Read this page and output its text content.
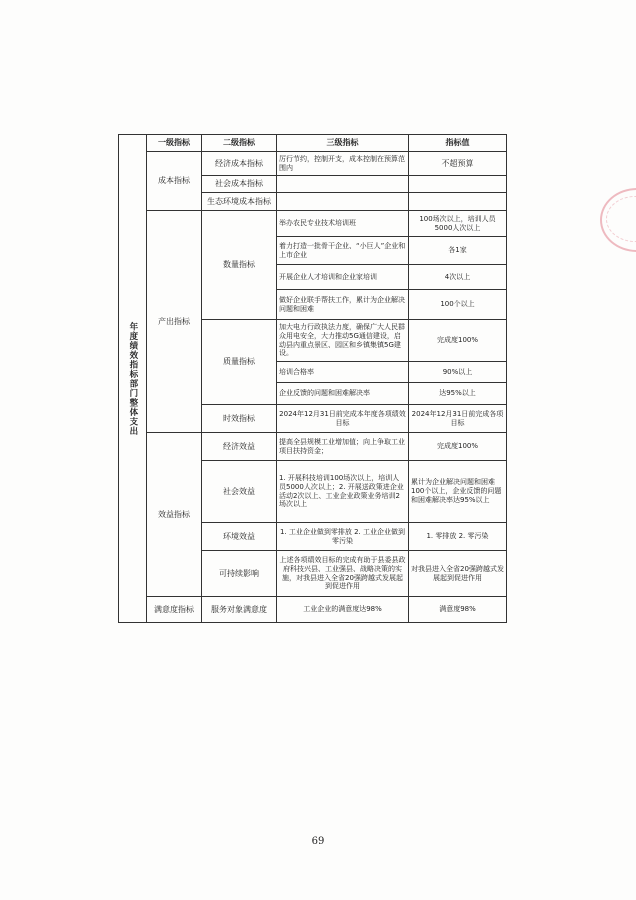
年度绩效指标部门整体支出	一级指标	二级指标	三级指标	指标值
	成本指标	经济成本指标	厉行节约，控制开支，成本控制在预算范围内	不超预算
		社会成本指标		
		生态环境成本指标		
	产出指标	数量指标	举办农民专业技术培训班	100场次以上，培训人员5000人次以上
			着力打造一批骨干企业、“小巨人”企业和上市企业	各1家
			开展企业人才培训和企业家培训	4次以上
			做好企业联手帮扶工作，累计为企业解决问题和困难	100个以上
		质量指标	加大电力行政执法力度，确保广大人民群众用电安全，大力推动5G通信建设，启动县内重点景区、园区和乡镇集镇5G建设。	完成度100%
			培训合格率	90%以上
			企业反馈的问题和困难解决率	达95%以上
		时效指标	2024年12月31日前完成本年度各项绩效目标	2024年12月31日前完成各项目标
	效益指标	经济效益	提高全县规模工业增加值；向上争取工业项目扶持资金；	完成度100%
		社会效益	1. 开展科技培训100场次以上，培训人员5000人次以上；2. 开展送政策进企业活动2次以上、工业企业政策业务培训2场次以上	累计为企业解决问题和困难100个以上，企业反馈的问题和困难解决率达95%以上
		环境效益	1. 工业企业做到零排放 2. 工业企业做到零污染	1. 零排放 2. 零污染
		可持续影响	上述各项绩效目标的完成有助于县委县政府科技兴县、工业强县、战略决策的实施，对我县进入全省20强跨越式发展起到促进作用	对我县进入全省20强跨越式发展起到促进作用
	满意度指标	服务对象满意度	工业企业的满意度达98%	满意度98%
69
